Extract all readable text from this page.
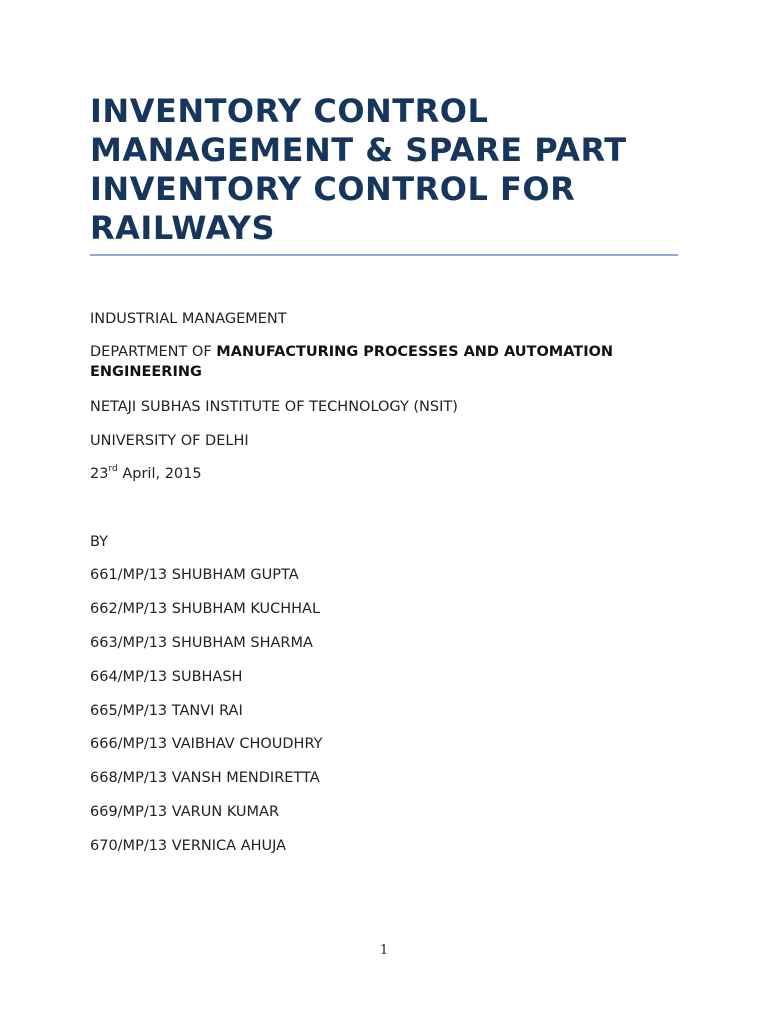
INVENTORY CONTROL
MANAGEMENT & SPARE PART
INVENTORY CONTROL FOR
RAILWAYS
INDUSTRIAL MANAGEMENT
DEPARTMENT OF MANUFACTURING PROCESSES AND AUTOMATION
ENGINEERING
NETAJI SUBHAS INSTITUTE OF TECHNOLOGY (NSIT)
UNIVERSITY OF DELHI
23rd April, 2015
BY
661/MP/13 SHUBHAM GUPTA
662/MP/13 SHUBHAM KUCHHAL
663/MP/13 SHUBHAM SHARMA
664/MP/13 SUBHASH
665/MP/13 TANVI RAI
666/MP/13 VAIBHAV CHOUDHRY
668/MP/13 VANSH MENDIRETTA
669/MP/13 VARUN KUMAR
670/MP/13 VERNICA AHUJA
1
